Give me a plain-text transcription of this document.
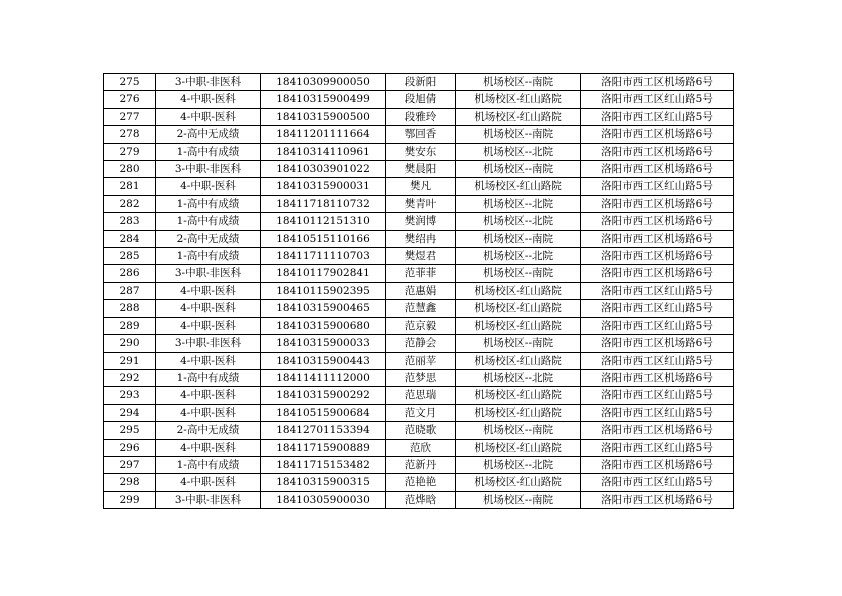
275	3-中职-非医科	18410309900050	段新阳	机场校区--南院	洛阳市西工区机场路6号
276	4-中职-医科	18410315900499	段旭倩	机场校区-红山路院	洛阳市西工区红山路5号
277	4-中职-医科	18410315900500	段雅玲	机场校区-红山路院	洛阳市西工区红山路5号
278	2-高中无成绩	18411201111664	鄂回香	机场校区--南院	洛阳市西工区机场路6号
279	1-高中有成绩	18410314110961	樊安东	机场校区--北院	洛阳市西工区机场路6号
280	3-中职-非医科	18410303901022	樊晨阳	机场校区--南院	洛阳市西工区机场路6号
281	4-中职-医科	18410315900031	樊凡	机场校区-红山路院	洛阳市西工区红山路5号
282	1-高中有成绩	18411718110732	樊青叶	机场校区--北院	洛阳市西工区机场路6号
283	1-高中有成绩	18410112151310	樊润博	机场校区--北院	洛阳市西工区机场路6号
284	2-高中无成绩	18410515110166	樊绍冉	机场校区--南院	洛阳市西工区机场路6号
285	1-高中有成绩	18411711110703	樊煜君	机场校区--北院	洛阳市西工区机场路6号
286	3-中职-非医科	18410117902841	范菲菲	机场校区--南院	洛阳市西工区机场路6号
287	4-中职-医科	18410115902395	范惠娟	机场校区-红山路院	洛阳市西工区红山路5号
288	4-中职-医科	18410315900465	范慧鑫	机场校区-红山路院	洛阳市西工区红山路5号
289	4-中职-医科	18410315900680	范京毅	机场校区-红山路院	洛阳市西工区红山路5号
290	3-中职-非医科	18410315900033	范静会	机场校区--南院	洛阳市西工区机场路6号
291	4-中职-医科	18410315900443	范丽苹	机场校区-红山路院	洛阳市西工区红山路5号
292	1-高中有成绩	18411411112000	范梦思	机场校区--北院	洛阳市西工区机场路6号
293	4-中职-医科	18410315900292	范思瑞	机场校区-红山路院	洛阳市西工区红山路5号
294	4-中职-医科	18410515900684	范文月	机场校区-红山路院	洛阳市西工区红山路5号
295	2-高中无成绩	18412701153394	范晓歌	机场校区--南院	洛阳市西工区机场路6号
296	4-中职-医科	18411715900889	范欣	机场校区-红山路院	洛阳市西工区红山路5号
297	1-高中有成绩	18411715153482	范新丹	机场校区--北院	洛阳市西工区机场路6号
298	4-中职-医科	18410315900315	范艳艳	机场校区-红山路院	洛阳市西工区红山路5号
299	3-中职-非医科	18410305900030	范烨晗	机场校区--南院	洛阳市西工区机场路6号
